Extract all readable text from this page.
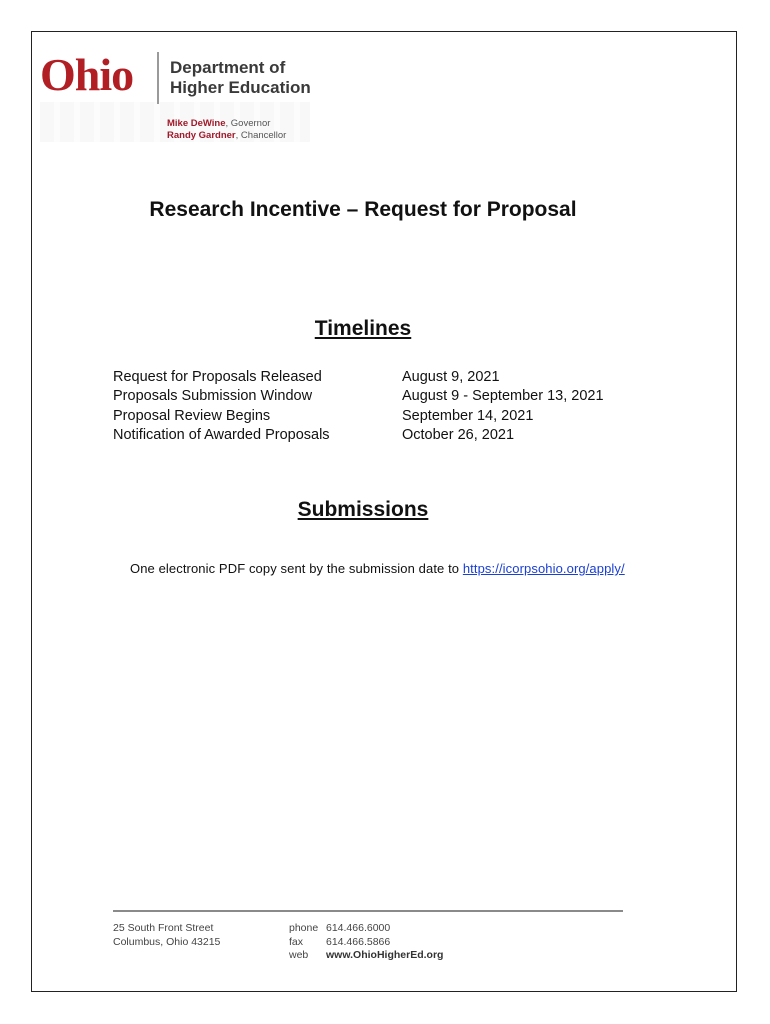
Ohio Department of
Higher Education
Mike DeWine, Governor
Randy Gardner, Chancellor
Research Incentive – Request for Proposal
Timelines
Request for Proposals Released	August 9, 2021
Proposals Submission Window	August 9 - September 13, 2021
Proposal Review Begins	September 14, 2021
Notification of Awarded Proposals	October 26, 2021
Submissions
One electronic PDF copy sent by the submission date to https://icorpsohio.org/apply/
25 South Front Street
Columbus, Ohio 43215
phone 614.466.6000
fax	614.466.5866
web	www.OhioHigherEd.org
